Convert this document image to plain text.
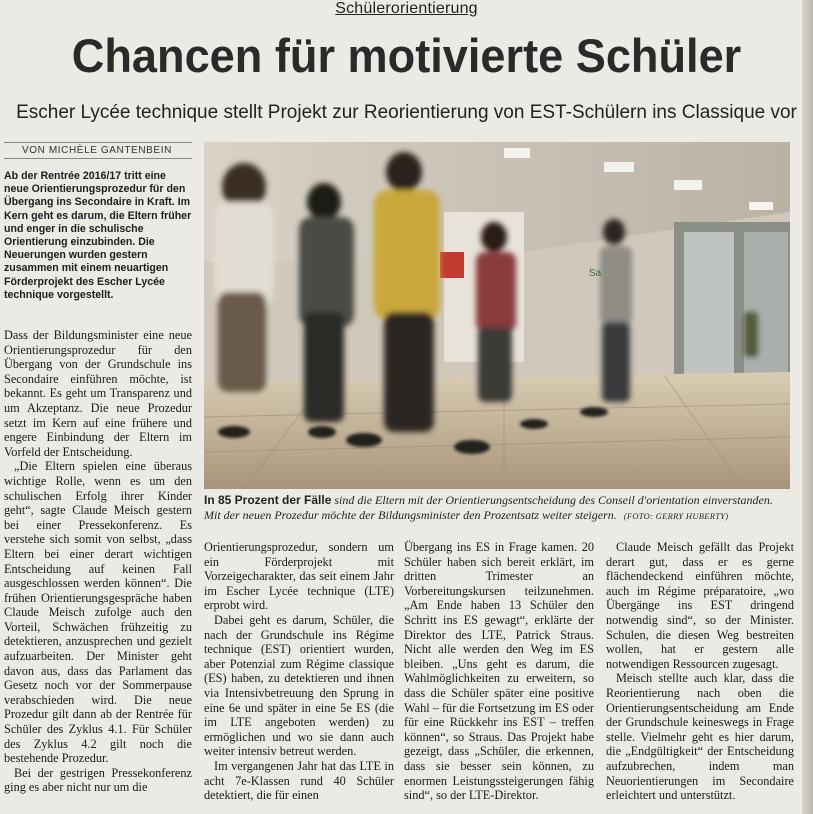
Schülerorientierung
Chancen für motivierte Schüler
Escher Lycée technique stellt Projekt zur Reorientierung von EST-Schülern ins Classique vor
VON MICHÈLE GANTENBEIN
Ab der Rentrée 2016/17 tritt eine neue Orientierungsprozedur für den Übergang ins Secondaire in Kraft. Im Kern geht es darum, die Eltern früher und enger in die schulische Orientierung einzubinden. Die Neuerungen wurden gestern zusammen mit einem neuartigen Förderprojekt des Escher Lycée technique vorgestellt.

Dass der Bildungsminister eine neue Orientierungsprozedur für den Übergang von der Grundschule ins Secondaire einführen möchte, ist bekannt. Es geht um Transparenz und um Akzeptanz. Die neue Prozedur setzt im Kern auf eine frühere und engere Einbindung der Eltern im Vorfeld der Entscheidung.

„Die Eltern spielen eine überaus wichtige Rolle, wenn es um den schulischen Erfolg ihrer Kinder geht“, sagte Claude Meisch gestern bei einer Pressekonferenz. Es verstehe sich somit von selbst, „dass Eltern bei einer derart wichtigen Entscheidung auf keinen Fall ausgeschlossen werden können“. Die frühen Orientierungsgespräche haben Claude Meisch zufolge auch den Vorteil, Schwächen frühzeitig zu detektieren, anzusprechen und gezielt aufzuarbeiten. Der Minister geht davon aus, dass das Parlament das Gesetz noch vor der Sommerpause verabschieden wird. Die neue Prozedur gilt dann ab der Rentrée für Schüler des Zyklus 4.1. Für Schüler des Zyklus 4.2 gilt noch die bestehende Prozedur.

Bei der gestrigen Pressekonferenz ging es aber nicht nur um die

Sa
In 85 Prozent der Fälle sind die Eltern mit der Orientierungsentscheidung des Conseil d'orientation einverstanden. Mit der neuen Prozedur möchte der Bildungsminister den Prozentsatz weiter steigern. (FOTO: GERRY HUBERTY)

Orientierungsprozedur, sondern um ein Förderprojekt mit Vorzeigecharakter, das seit einem Jahr im Escher Lycée technique (LTE) erprobt wird.

Dabei geht es darum, Schüler, die nach der Grundschule ins Régime technique (EST) orientiert wurden, aber Potenzial zum Régime classique (ES) haben, zu detektieren und ihnen via Intensivbetreuung den Sprung in eine 6e und später in eine 5e ES (die im LTE angeboten werden) zu ermöglichen und wo sie dann auch weiter intensiv betreut werden.

Im vergangenen Jahr hat das LTE in acht 7e-Klassen rund 40 Schüler detektiert, die für einen

Übergang ins ES in Frage kamen. 20 Schüler haben sich bereit erklärt, im dritten Trimester an Vorbereitungskursen teilzunehmen. „Am Ende haben 13 Schüler den Schritt ins ES gewagt“, erklärte der Direktor des LTE, Patrick Straus. Nicht alle werden den Weg im ES bleiben. „Uns geht es darum, die Wahlmöglichkeiten zu erweitern, so dass die Schüler später eine positive Wahl – für die Fortsetzung im ES oder für eine Rückkehr ins EST – treffen können“, so Straus. Das Projekt habe gezeigt, dass „Schüler, die erkennen, dass sie besser sein können, zu enormen Leistungssteigerungen fähig sind“, so der LTE-Direktor.

Claude Meisch gefällt das Projekt derart gut, dass er es gerne flächendeckend einführen möchte, auch im Régime préparatoire, „wo Übergänge ins EST dringend notwendig sind“, so der Minister. Schulen, die diesen Weg bestreiten wollen, hat er gestern alle notwendigen Ressourcen zugesagt.

Meisch stellte auch klar, dass die Reorientierung nach oben die Orientierungsentscheidung am Ende der Grundschule keineswegs in Frage stelle. Vielmehr geht es hier darum, die „Endgültigkeit“ der Entscheidung aufzubrechen, indem man Neuorientierungen im Secondaire erleichtert und unterstützt.
